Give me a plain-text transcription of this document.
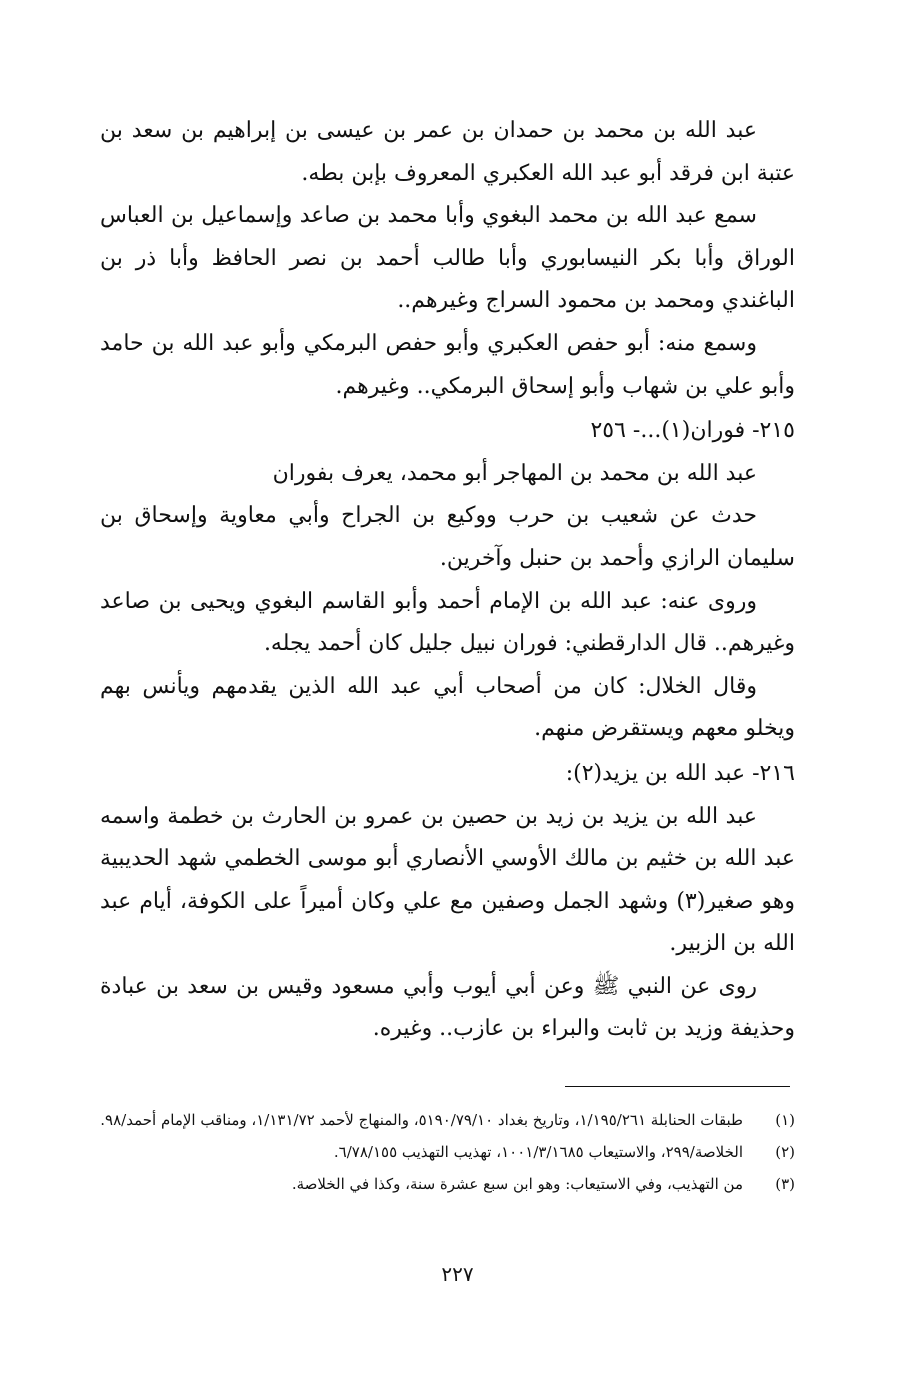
عبد الله بن محمد بن حمدان بن عمر بن عيسى بن إبراهيم بن سعد بن عتبة ابن فرقد أبو عبد الله العكبري المعروف بإبن بطه.

سمع عبد الله بن محمد البغوي وأبا محمد بن صاعد وإسماعيل بن العباس الوراق وأبا بكر النيسابوري وأبا طالب أحمد بن نصر الحافظ وأبا ذر بن الباغندي ومحمد بن محمود السراج وغيرهم..

وسمع منه: أبو حفص العكبري وأبو حفص البرمكي وأبو عبد الله بن حامد وأبو علي بن شهاب وأبو إسحاق البرمكي.. وغيرهم.

٢١٥- فوران(١)...- ٢٥٦

عبد الله بن محمد بن المهاجر أبو محمد، يعرف بفوران

حدث عن شعيب بن حرب ووكيع بن الجراح وأبي معاوية وإسحاق بن سليمان الرازي وأحمد بن حنبل وآخرين.

وروى عنه: عبد الله بن الإمام أحمد وأبو القاسم البغوي ويحيى بن صاعد وغيرهم.. قال الدارقطني: فوران نبيل جليل كان أحمد يجله.

وقال الخلال: كان من أصحاب أبي عبد الله الذين يقدمهم ويأنس بهم ويخلو معهم ويستقرض منهم.

٢١٦- عبد الله بن يزيد(٢):

عبد الله بن يزيد بن زيد بن حصين بن عمرو بن الحارث بن خطمة واسمه عبد الله بن خثيم بن مالك الأوسي الأنصاري أبو موسى الخطمي شهد الحديبية وهو صغير(٣) وشهد الجمل وصفين مع علي وكان أميراً على الكوفة، أيام عبد الله بن الزبير.

روى عن النبي ﷺ وعن أبي أيوب وأبي مسعود وقيس بن سعد بن عبادة وحذيفة وزيد بن ثابت والبراء بن عازب.. وغيره.

(١)
طبقات الحنابلة ١/١٩٥/٢٦١، وتاريخ بغداد ٥١٩٠/٧٩/١٠، والمنهاج لأحمد ١/١٣١/٧٢، ومناقب الإمام أحمد/٩٨.
(٢)
الخلاصة/٢٩٩، والاستيعاب ١٠٠١/٣/١٦٨٥، تهذيب التهذيب ٦/٧٨/١٥٥.
(٣)
من التهذيب، وفي الاستيعاب: وهو ابن سبع عشرة سنة، وكذا في الخلاصة.
٢٢٧
